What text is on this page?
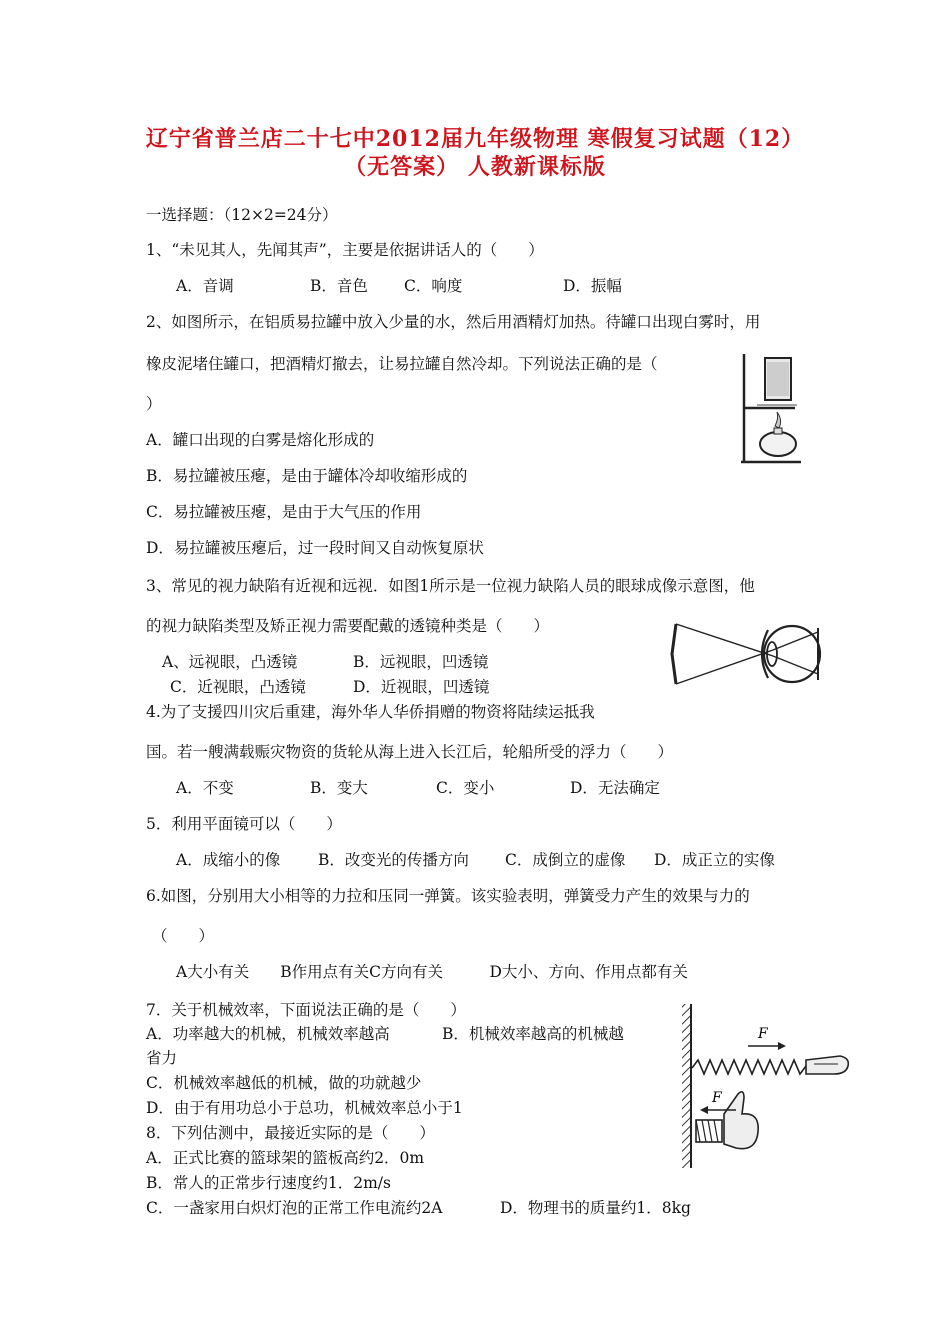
辽宁省普兰店二十七中2012届九年级物理 寒假复习试题（12）
（无答案） 人教新课标版
一选择题：（12×2=24分）
1、“未见其人，先闻其声”，主要是依据讲话人的（　　）
A．音调	B．音色 C．响度	D．振幅
2、如图所示，在铝质易拉罐中放入少量的水，然后用酒精灯加热。待罐口出现白雾时，用
橡皮泥堵住罐口，把酒精灯撤去，让易拉罐自然冷却。下列说法正确的是（
）
A．罐口出现的白雾是熔化形成的
B．易拉罐被压瘪，是由于罐体冷却收缩形成的
C．易拉罐被压瘪，是由于大气压的作用
D．易拉罐被压瘪后，过一段时间又自动恢复原状
3、常见的视力缺陷有近视和远视．如图1所示是一位视力缺陷人员的眼球成像示意图，他
的视力缺陷类型及矫正视力需要配戴的透镜种类是（　　）
A、远视眼，凸透镜	B．远视眼，凹透镜
C．近视眼，凸透镜	D．近视眼，凹透镜
4.为了支援四川灾后重建，海外华人华侨捐赠的物资将陆续运抵我
国。若一艘满载赈灾物资的货轮从海上进入长江后，轮船所受的浮力（　　）
A．不变	B．变大	C．变小	D．无法确定
5．利用平面镜可以（　　）
A．成缩小的像 B．改变光的传播方向 C．成倒立的虚像 D．成正立的实像
6.如图，分别用大小相等的力拉和压同一弹簧。该实验表明，弹簧受力产生的效果与力的
（　　）
A大小有关　　B作用点有关C方向有关　　　D大小、方向、作用点都有关
7．关于机械效率，下面说法正确的是（　　）
A．功率越大的机械，机械效率越高	B．机械效率越高的机械越
省力
C．机械效率越低的机械，做的功就越少
D．由于有用功总小于总功，机械效率总小于1
8．下列估测中，最接近实际的是（　　）
A．正式比赛的篮球架的篮板高约2．0m
B．常人的正常步行速度约1．2m/s
C．一盏家用白炽灯泡的正常工作电流约2A	D．物理书的质量约1．8kg
F
F
